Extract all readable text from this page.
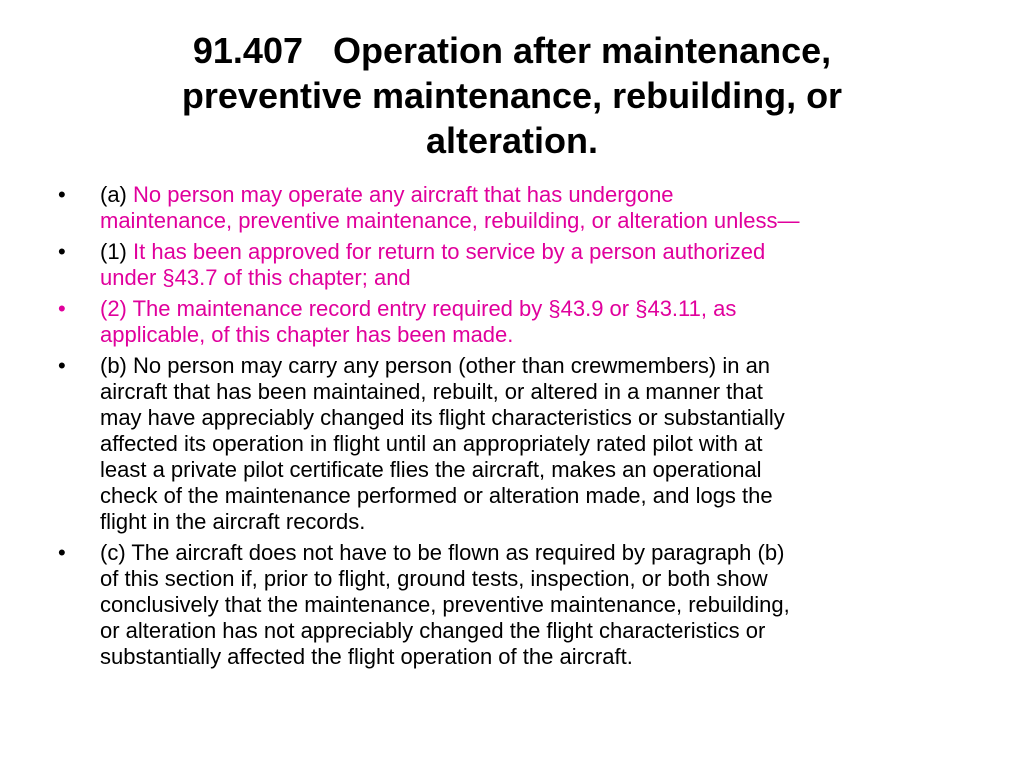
91.407   Operation after maintenance,
preventive maintenance, rebuilding, or
alteration.
•	(a) No person may operate any aircraft that has undergone
maintenance, preventive maintenance, rebuilding, or alteration unless—
•	(1) It has been approved for return to service by a person authorized
under §43.7 of this chapter; and
•	(2) The maintenance record entry required by §43.9 or §43.11, as
applicable, of this chapter has been made.
•	(b) No person may carry any person (other than crewmembers) in an
aircraft that has been maintained, rebuilt, or altered in a manner that
may have appreciably changed its flight characteristics or substantially
affected its operation in flight until an appropriately rated pilot with at
least a private pilot certificate flies the aircraft, makes an operational
check of the maintenance performed or alteration made, and logs the
flight in the aircraft records.
•	(c) The aircraft does not have to be flown as required by paragraph (b)
of this section if, prior to flight, ground tests, inspection, or both show
conclusively that the maintenance, preventive maintenance, rebuilding,
or alteration has not appreciably changed the flight characteristics or
substantially affected the flight operation of the aircraft.
